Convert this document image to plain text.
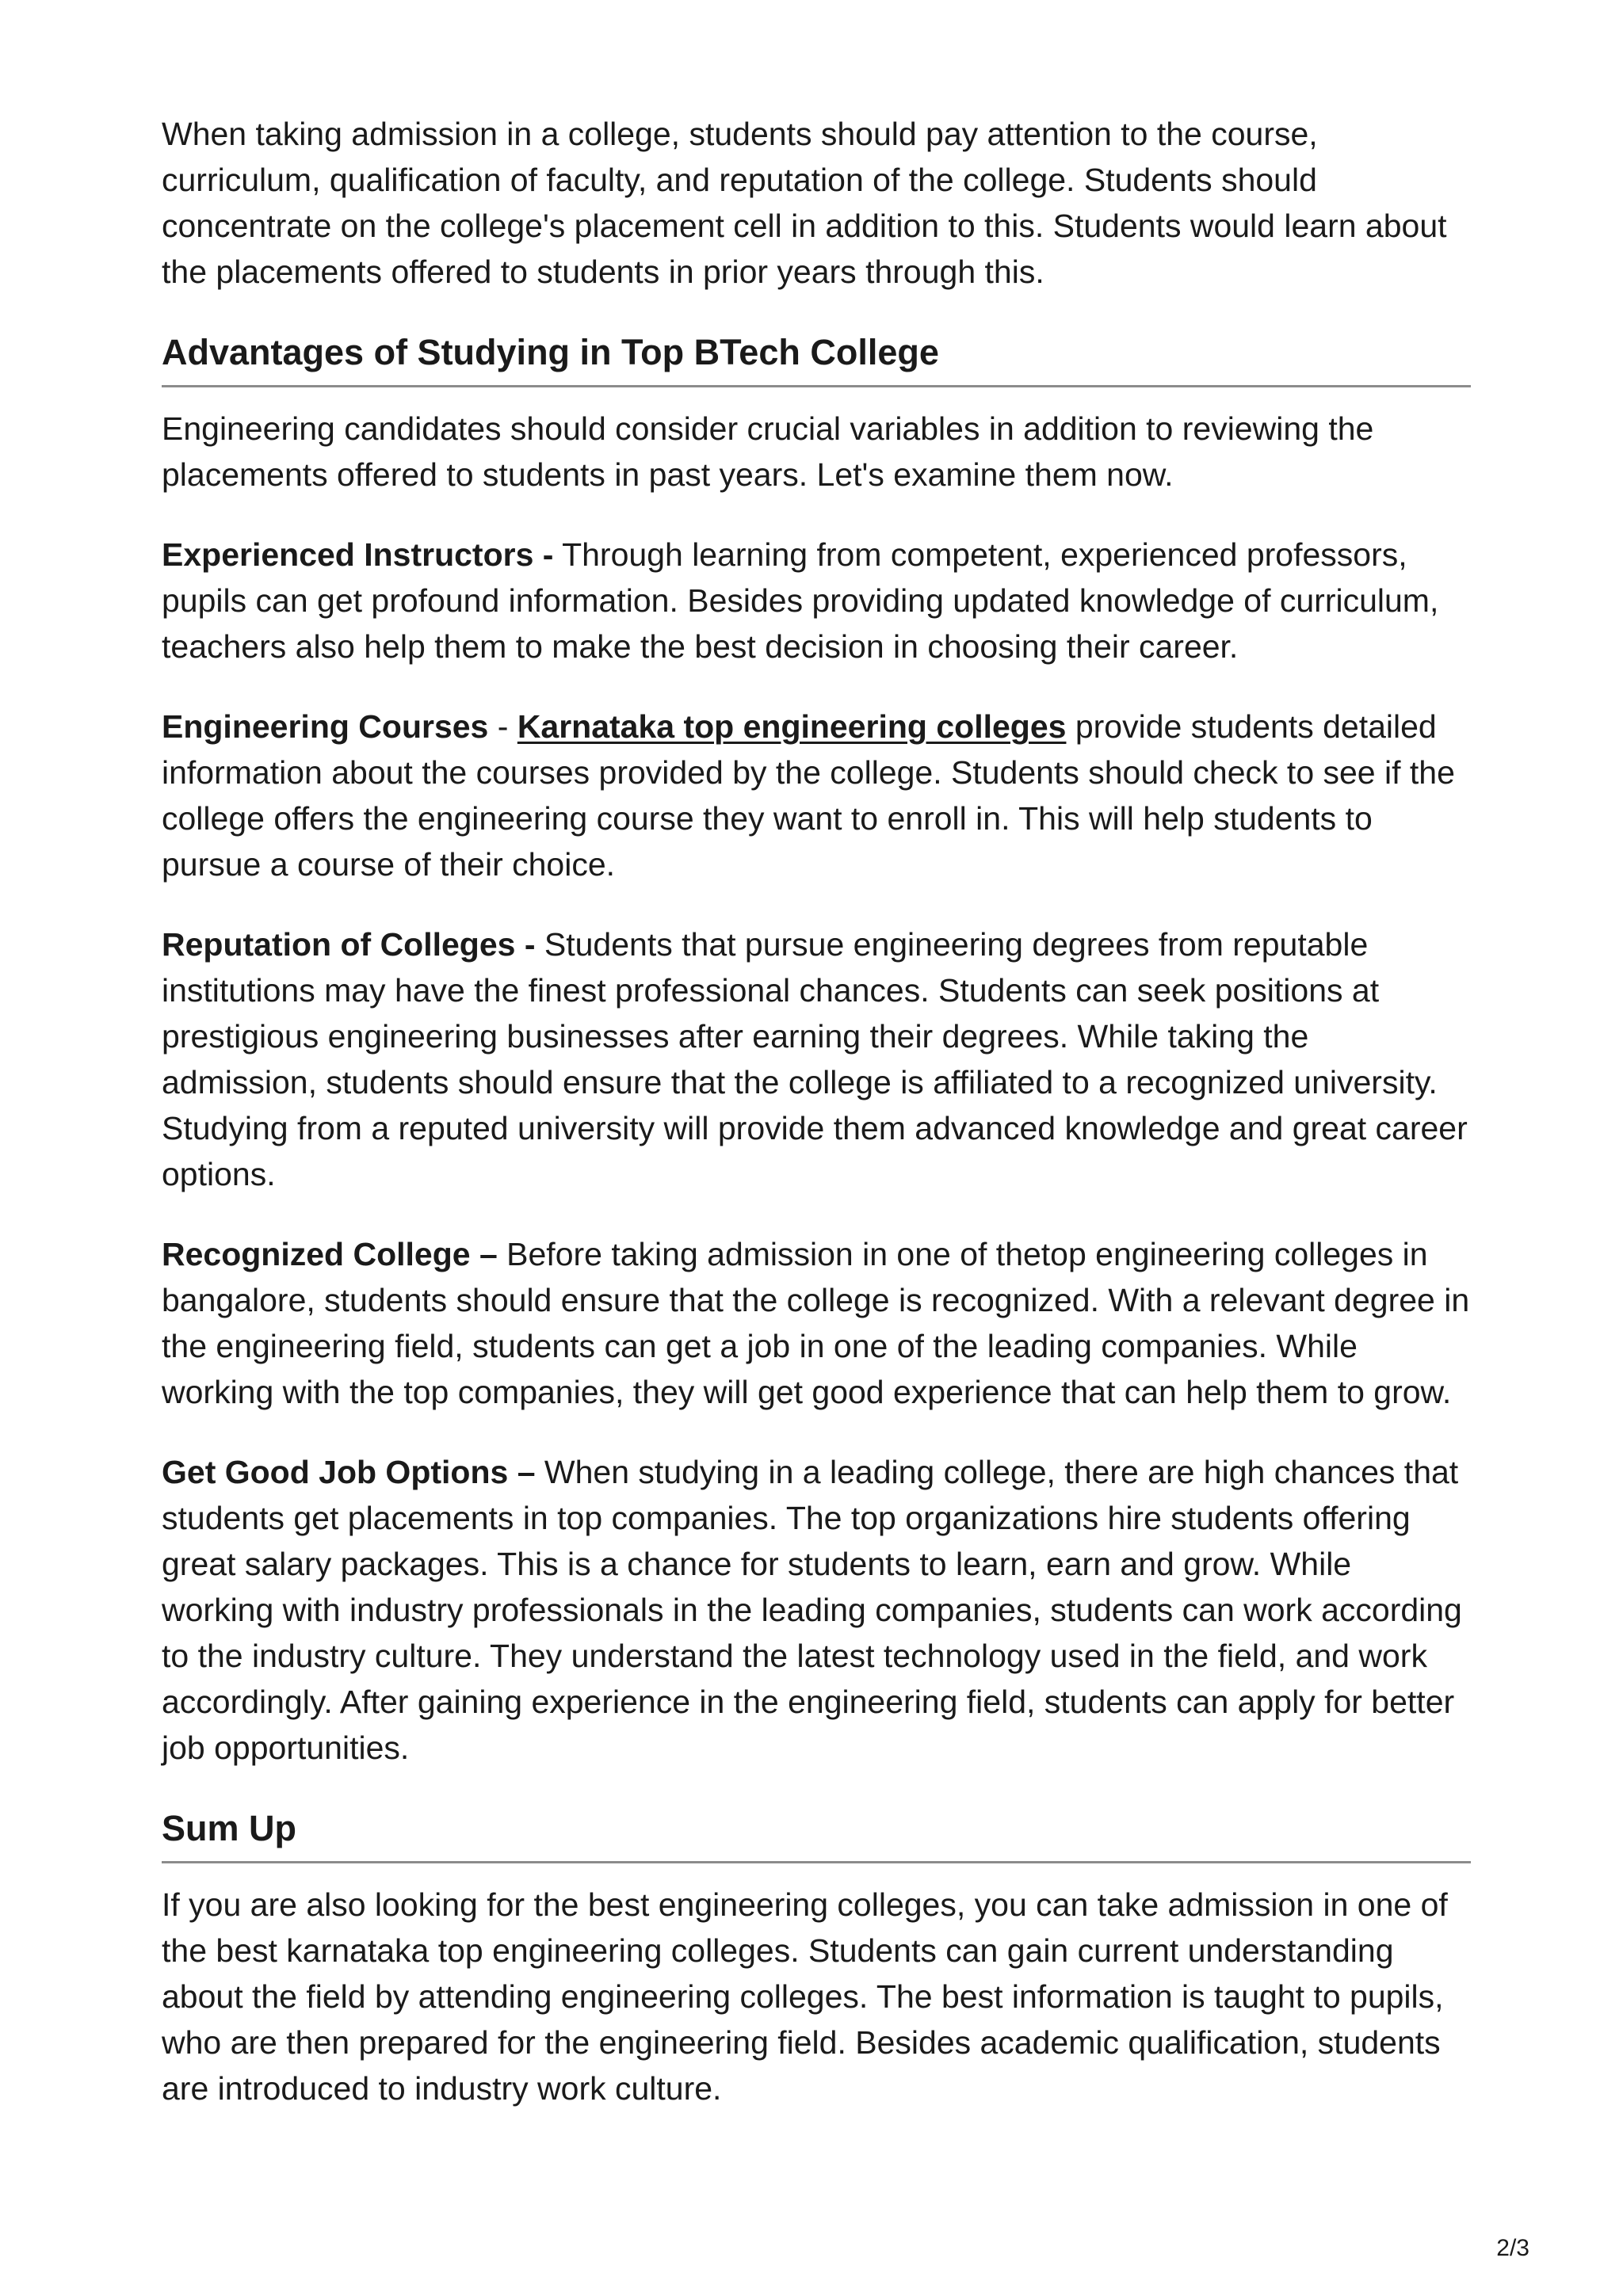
When taking admission in a college, students should pay attention to the course, curriculum, qualification of faculty, and reputation of the college. Students should concentrate on the college's placement cell in addition to this. Students would learn about the placements offered to students in prior years through this.

Advantages of Studying in Top BTech College

Engineering candidates should consider crucial variables in addition to reviewing the placements offered to students in past years. Let's examine them now.

Experienced Instructors - Through learning from competent, experienced professors, pupils can get profound information. Besides providing updated knowledge of curriculum, teachers also help them to make the best decision in choosing their career.

Engineering Courses - Karnataka top engineering colleges provide students detailed information about the courses provided by the college. Students should check to see if the college offers the engineering course they want to enroll in. This will help students to pursue a course of their choice.

Reputation of Colleges - Students that pursue engineering degrees from reputable institutions may have the finest professional chances. Students can seek positions at prestigious engineering businesses after earning their degrees. While taking the admission, students should ensure that the college is affiliated to a recognized university. Studying from a reputed university will provide them advanced knowledge and great career options.

Recognized College – Before taking admission in one of thetop engineering colleges in bangalore, students should ensure that the college is recognized. With a relevant degree in the engineering field, students can get a job in one of the leading companies. While working with the top companies, they will get good experience that can help them to grow.

Get Good Job Options – When studying in a leading college, there are high chances that students get placements in top companies. The top organizations hire students offering great salary packages. This is a chance for students to learn, earn and grow. While working with industry professionals in the leading companies, students can work according to the industry culture. They understand the latest technology used in the field, and work accordingly. After gaining experience in the engineering field, students can apply for better job opportunities.

Sum Up

If you are also looking for the best engineering colleges, you can take admission in one of the best karnataka top engineering colleges. Students can gain current understanding about the field by attending engineering colleges. The best information is taught to pupils, who are then prepared for the engineering field. Besides academic qualification, students are introduced to industry work culture.

2/3
